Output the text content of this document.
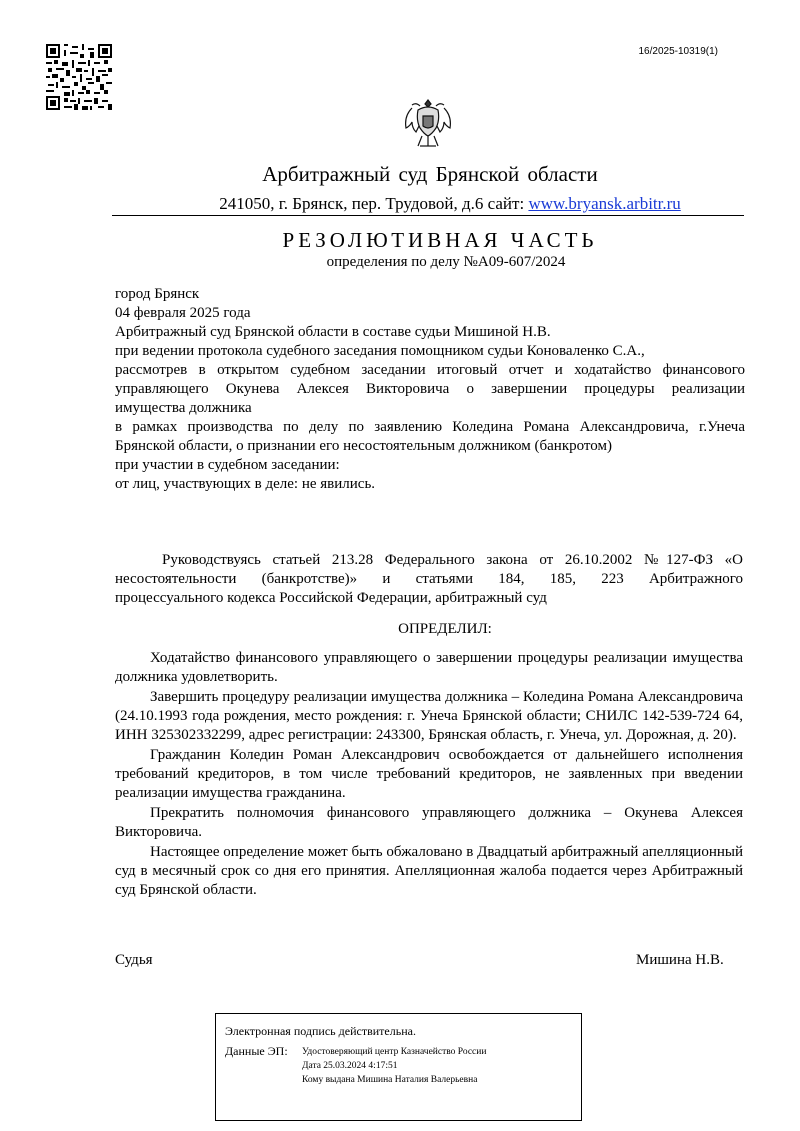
16/2025-10319(1)
Арбитражный суд Брянской области
241050, г. Брянск, пер. Трудовой, д.6 сайт: www.bryansk.arbitr.ru
РЕЗОЛЮТИВНАЯ ЧАСТЬ
определения по делу №А09-607/2024
город Брянск
04 февраля 2025 года
Арбитражный суд Брянской области в составе судьи Мишиной Н.В.
при ведении протокола судебного заседания помощником судьи Коноваленко С.А.,
рассмотрев в открытом судебном заседании итоговый отчет и ходатайство финансового
управляющего Окунева Алексея Викторовича о завершении процедуры реализации
имущества должника
в рамках производства по делу по заявлению Коледина Романа Александровича, г.Унеча
Брянской области, о признании его несостоятельным должником (банкротом)
при участии в судебном заседании:
от лиц, участвующих в деле: не явились.
Руководствуясь статьей 213.28 Федерального закона от 26.10.2002 №127-ФЗ «О
несостоятельности (банкротстве)» и статьями 184, 185, 223 Арбитражного
процессуального кодекса Российской Федерации, арбитражный суд
ОПРЕДЕЛИЛ:

Ходатайство финансового управляющего о завершении процедуры реализации имущества должника удовлетворить.

Завершить процедуру реализации имущества должника – Коледина Романа Александровича (24.10.1993 года рождения, место рождения: г. Унеча Брянской области; СНИЛС 142-539-724 64, ИНН 325302332299, адрес регистрации: 243300, Брянская область, г. Унеча, ул. Дорожная, д. 20).

Гражданин Коледин Роман Александрович освобождается от дальнейшего исполнения требований кредиторов, в том числе требований кредиторов, не заявленных при введении реализации имущества гражданина.

Прекратить полномочия финансового управляющего должника – Окунева Алексея Викторовича.

Настоящее определение может быть обжаловано в Двадцатый арбитражный апелляционный суд в месячный срок со дня его принятия. Апелляционная жалоба подается через Арбитражный суд Брянской области.

Судья	Мишина Н.В.
Электронная подпись действительна.
Данные ЭП: Удостоверяющий центр Казначейство России
Дата 25.03.2024 4:17:51
Кому выдана Мишина Наталия Валерьевна
